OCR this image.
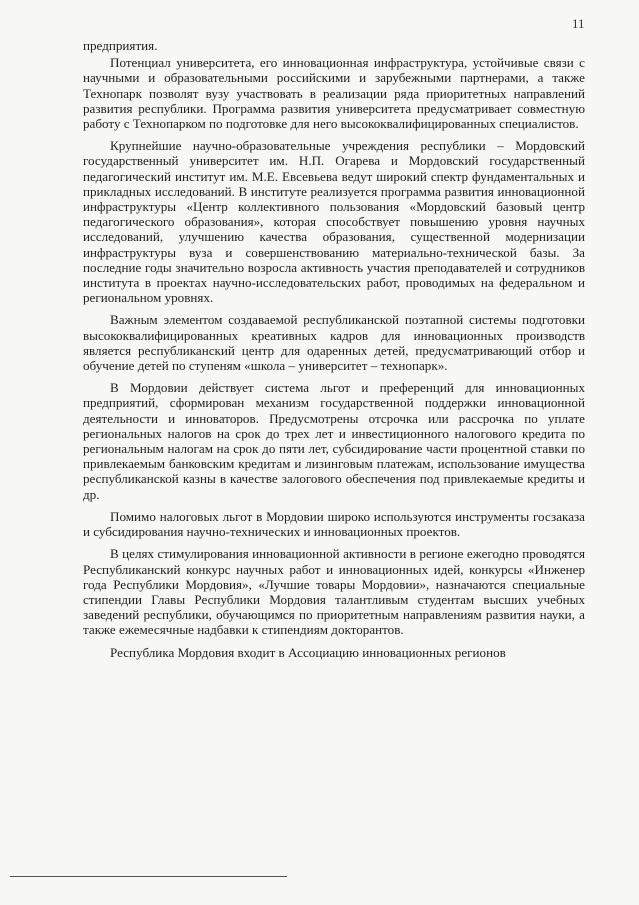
11

предприятия.

Потенциал университета, его инновационная инфраструктура, устойчивые связи с научными и образовательными российскими и зарубежными партнерами, а также Технопарк позволят вузу участвовать в реализации ряда приоритетных направлений развития республики. Программа развития университета предусматривает совместную работу с Технопарком по подготовке для него высококвалифицированных специалистов.

Крупнейшие научно-образовательные учреждения республики – Мордовский государственный университет им. Н.П. Огарева и Мордовский государственный педагогический институт им. М.Е. Евсевьева ведут широкий спектр фундаментальных и прикладных исследований. В институте реализуется программа развития инновационной инфраструктуры «Центр коллективного пользования «Мордовский базовый центр педагогического образования», которая способствует повышению уровня научных исследований, улучшению качества образования, существенной модернизации инфраструктуры вуза и совершенствованию материально-технической базы. За последние годы значительно возросла активность участия преподавателей и сотрудников института в проектах научно-исследовательских работ, проводимых на федеральном и региональном уровнях.

Важным элементом создаваемой республиканской поэтапной системы подготовки высококвалифицированных креативных кадров для инновационных производств является республиканский центр для одаренных детей, предусматривающий отбор и обучение детей по ступеням «школа – университет – технопарк».

В Мордовии действует система льгот и преференций для инновационных предприятий, сформирован механизм государственной поддержки инновационной деятельности и инноваторов. Предусмотрены отсрочка или рассрочка по уплате региональных налогов на срок до трех лет и инвестиционного налогового кредита по региональным налогам на срок до пяти лет, субсидирование части процентной ставки по привлекаемым банковским кредитам и лизинговым платежам, использование имущества республиканской казны в качестве залогового обеспечения под привлекаемые кредиты и др.

Помимо налоговых льгот в Мордовии широко используются инструменты госзаказа и субсидирования научно-технических и инновационных проектов.

В целях стимулирования инновационной активности в регионе ежегодно проводятся Республиканский конкурс научных работ и инновационных идей, конкурсы «Инженер года Республики Мордовия», «Лучшие товары Мордовии», назначаются специальные стипендии Главы Республики Мордовия талантливым студентам высших учебных заведений республики, обучающимся по приоритетным направлениям развития науки, а также ежемесячные надбавки к стипендиям докторантов.

Республика Мордовия входит в Ассоциацию инновационных регионов
